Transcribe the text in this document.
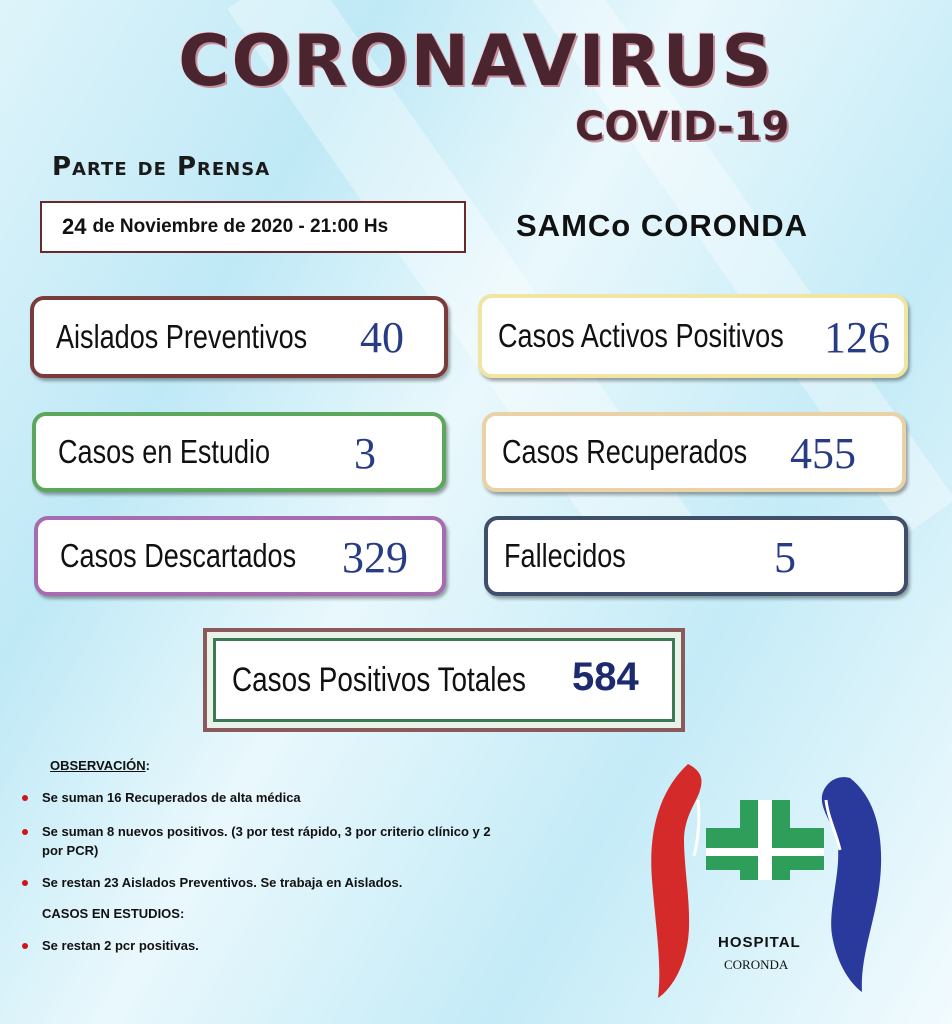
CORONAVIRUS
COVID-19
Parte de Prensa
24 de Noviembre de 2020 - 21:00 Hs	SAMCo CORONDA
Aislados Preventivos 40	Casos Activos Positivos 126
Casos en Estudio 3	Casos Recuperados 455
Casos Descartados 329	Fallecidos	5
Casos Positivos Totales 584
OBSERVACIÓN:
Se suman 16 Recuperados de alta médica
Se suman 8 nuevos positivos. (3 por test rápido, 3 por criterio clínico y 2 por PCR)
Se restan 23 Aislados Preventivos. Se trabaja en Aislados.
CASOS EN ESTUDIOS:
Se restan 2 pcr positivas.	HOSPITAL
CORONDA
